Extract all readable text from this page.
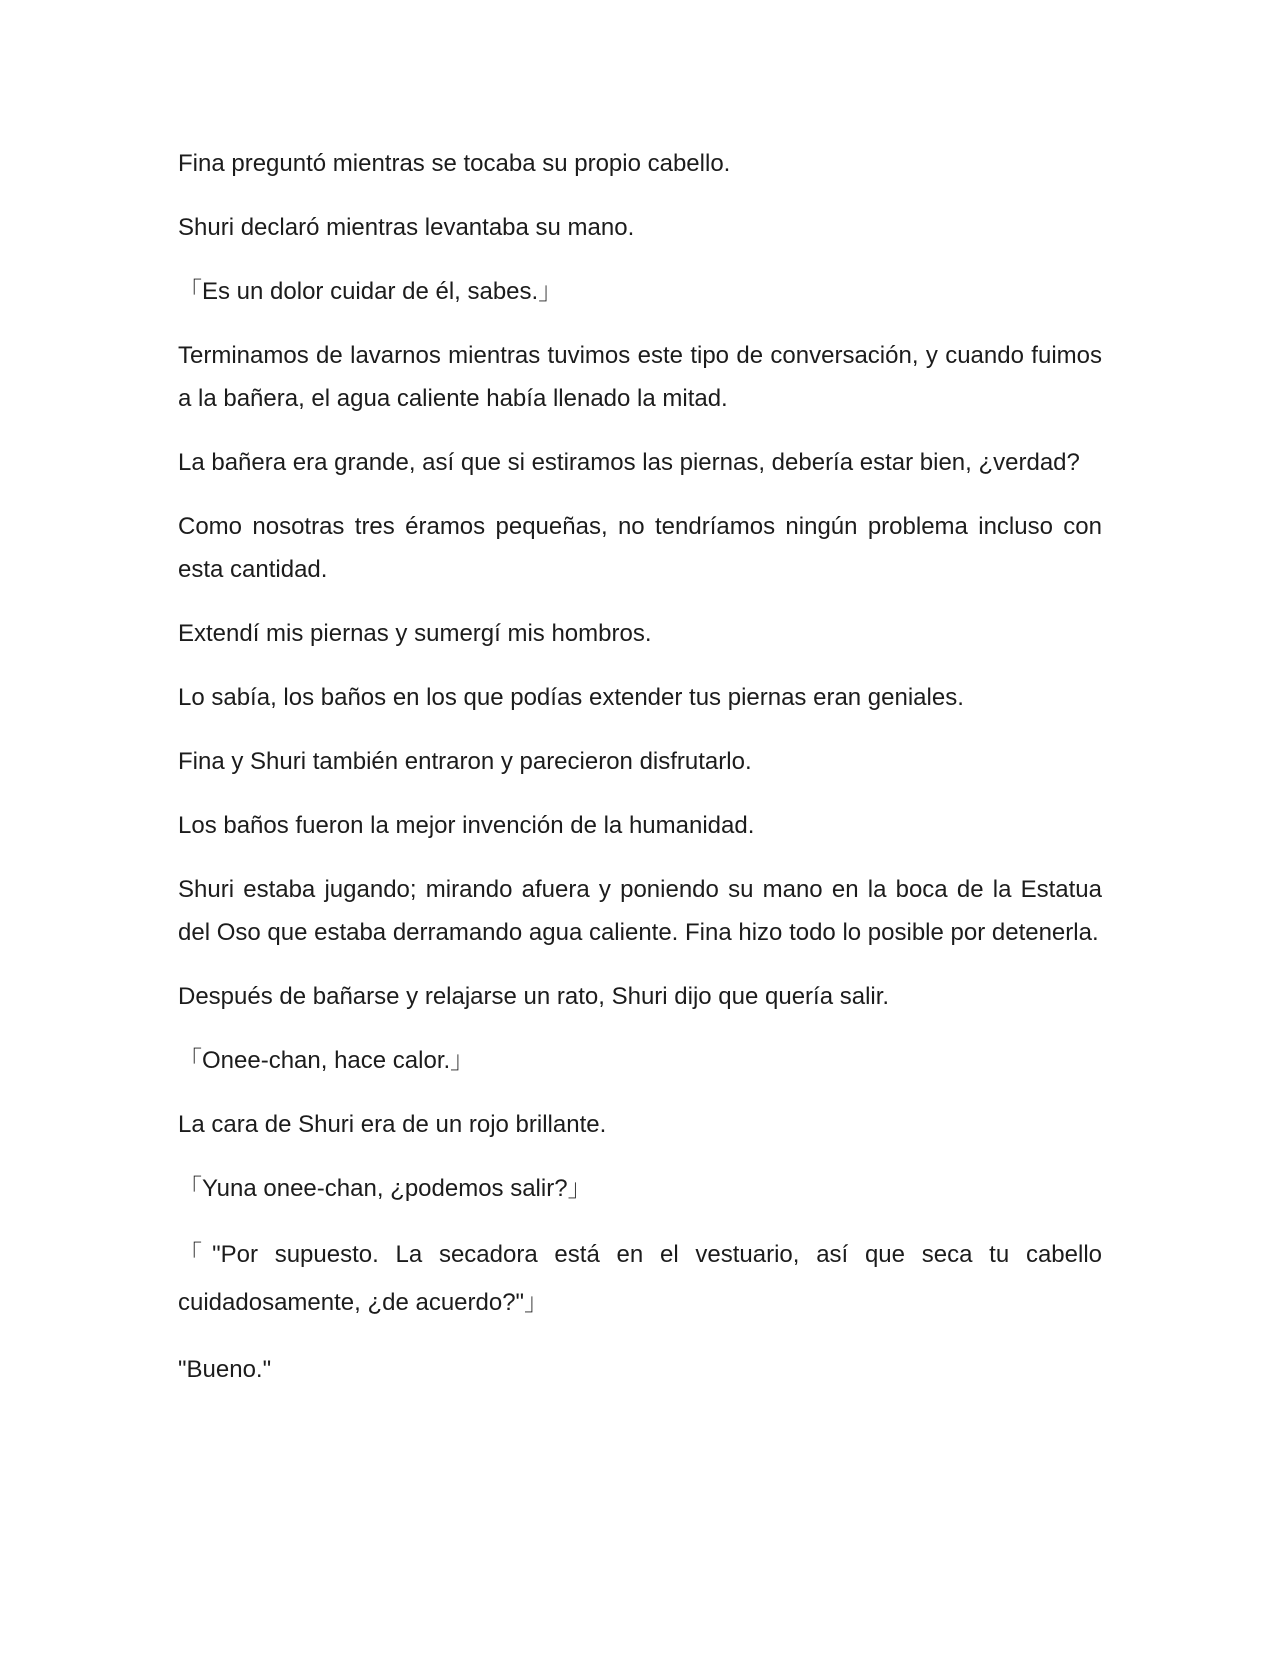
Fina preguntó mientras se tocaba su propio cabello.

Shuri declaró mientras levantaba su mano.

「Es un dolor cuidar de él, sabes.」

Terminamos de lavarnos mientras tuvimos este tipo de conversación, y cuando fuimos a la bañera, el agua caliente había llenado la mitad.

La bañera era grande, así que si estiramos las piernas, debería estar bien, ¿verdad?

Como nosotras tres éramos pequeñas, no tendríamos ningún problema incluso con esta cantidad.

Extendí mis piernas y sumergí mis hombros.

Lo sabía, los baños en los que podías extender tus piernas eran geniales.

Fina y Shuri también entraron y parecieron disfrutarlo.

Los baños fueron la mejor invención de la humanidad.

Shuri estaba jugando; mirando afuera y poniendo su mano en la boca de la Estatua del Oso que estaba derramando agua caliente. Fina hizo todo lo posible por detenerla.

Después de bañarse y relajarse un rato, Shuri dijo que quería salir.

「Onee-chan, hace calor.」

La cara de Shuri era de un rojo brillante.

「Yuna onee-chan, ¿podemos salir?」

「"Por supuesto. La secadora está en el vestuario, así que seca tu cabello cuidadosamente, ¿de acuerdo?"」

"Bueno."
